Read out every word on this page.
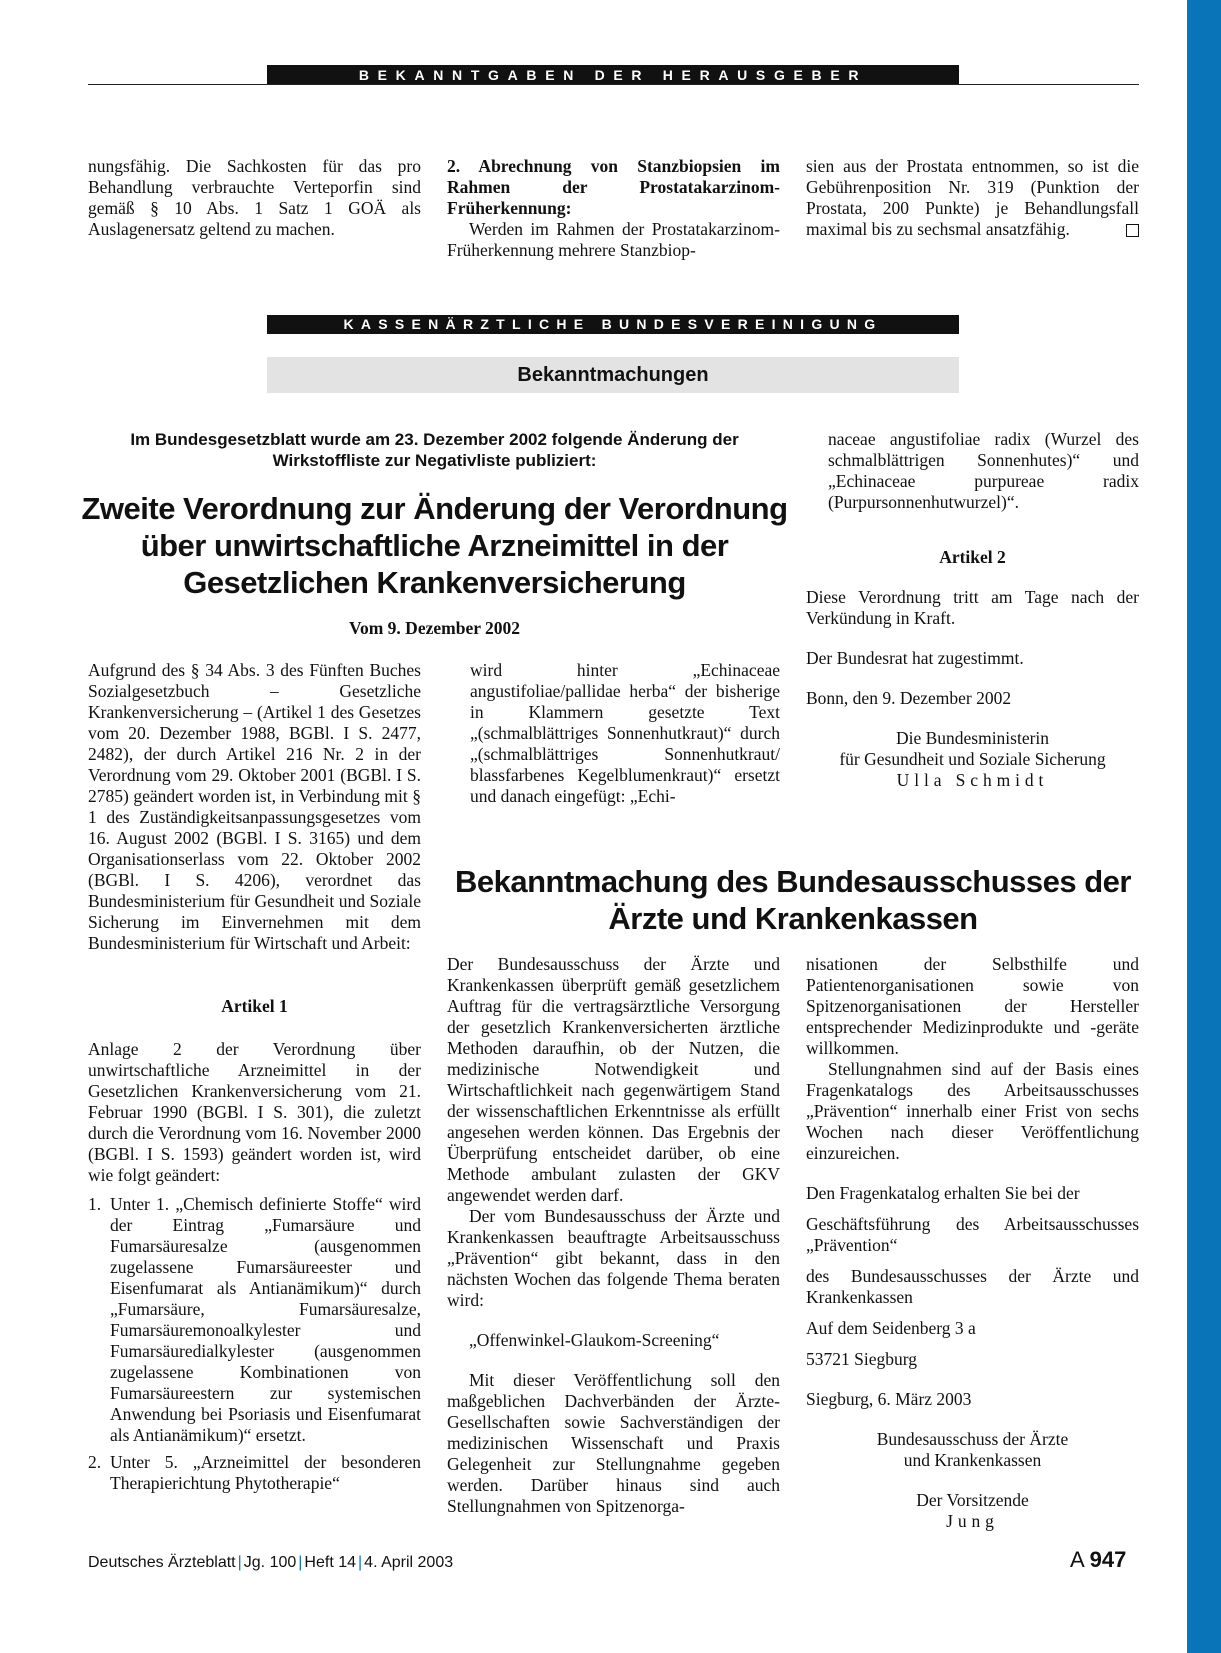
BEKANNTGABEN DER HERAUSGEBER

nungsfähig. Die Sachkosten für das pro Behandlung verbrauchte Verteporfin sind gemäß § 10 Abs. 1 Satz 1 GOÄ als Auslagenersatz geltend zu machen.

2. Abrechnung von Stanzbiopsien im Rahmen der Prostatakarzinom-Früherkennung:

Werden im Rahmen der Prostatakarzinom-Früherkennung mehrere Stanzbiop-

sien aus der Prostata entnommen, so ist die Gebührenposition Nr. 319 (Punktion der Prostata, 200 Punkte) je Behandlungsfall maximal bis zu sechsmal ansatzfähig.

KASSENÄRZTLICHE BUNDESVEREINIGUNG
Bekanntmachungen
Im Bundesgesetzblatt wurde am 23. Dezember 2002 folgende Änderung der Wirkstoffliste zur Negativliste publiziert:
Zweite Verordnung zur Änderung der Verordnung über unwirtschaftliche Arzneimittel in der Gesetzlichen Krankenversicherung
Vom 9. Dezember 2002

Aufgrund des § 34 Abs. 3 des Fünften Buches Sozialgesetzbuch – Gesetzliche Krankenversicherung – (Artikel 1 des Gesetzes vom 20. Dezember 1988, BGBl. I S. 2477, 2482), der durch Artikel 216 Nr. 2 in der Verordnung vom 29. Oktober 2001 (BGBl. I S. 2785) geändert worden ist, in Verbindung mit § 1 des Zuständigkeitsanpassungsgesetzes vom 16. August 2002 (BGBl. I S. 3165) und dem Organisationserlass vom 22. Oktober 2002 (BGBl. I S. 4206), verordnet das Bundesministerium für Gesundheit und Soziale Sicherung im Einvernehmen mit dem Bundesministerium für Wirtschaft und Arbeit:

Artikel 1

Anlage 2 der Verordnung über unwirtschaftliche Arzneimittel in der Gesetzlichen Krankenversicherung vom 21. Februar 1990 (BGBl. I S. 301), die zuletzt durch die Verordnung vom 16. November 2000 (BGBl. I S. 1593) geändert worden ist, wird wie folgt geändert:

1. Unter 1. „Chemisch definierte Stoffe“ wird der Eintrag „Fumarsäure und Fumarsäuresalze (ausgenommen zugelassene Fumarsäureester und Eisenfumarat als Antianämikum)“ durch „Fumarsäure, Fumarsäuresalze, Fumarsäuremonoalkylester und Fumarsäuredialkylester (ausgenommen zugelassene Kombinationen von Fumarsäureestern zur systemischen Anwendung bei Psoriasis und Eisenfumarat als Antianämikum)“ ersetzt.
2. Unter 5. „Arzneimittel der besonderen Therapierichtung Phytotherapie“

wird hinter „Echinaceae angustifoliae/pallidae herba“ der bisherige in Klammern gesetzte Text „(schmalblättriges Sonnenhutkraut)“ durch „(schmalblättriges Sonnenhutkraut/ blassfarbenes Kegelblumenkraut)“ ersetzt und danach eingefügt: „Echi-

naceae angustifoliae radix (Wurzel des schmalblättrigen Sonnenhutes)“ und „Echinaceae purpureae radix (Purpursonnenhutwurzel)“.

Artikel 2

Diese Verordnung tritt am Tage nach der Verkündung in Kraft.

Der Bundesrat hat zugestimmt.

Bonn, den 9. Dezember 2002

Die Bundesministerin

für Gesundheit und Soziale Sicherung

Ulla Schmidt

Bekanntmachung des Bundesausschusses der Ärzte und Krankenkassen

Der Bundesausschuss der Ärzte und Krankenkassen überprüft gemäß gesetzlichem Auftrag für die vertragsärztliche Versorgung der gesetzlich Krankenversicherten ärztliche Methoden daraufhin, ob der Nutzen, die medizinische Notwendigkeit und Wirtschaftlichkeit nach gegenwärtigem Stand der wissenschaftlichen Erkenntnisse als erfüllt angesehen werden können. Das Ergebnis der Überprüfung entscheidet darüber, ob eine Methode ambulant zulasten der GKV angewendet werden darf.

Der vom Bundesausschuss der Ärzte und Krankenkassen beauftragte Arbeitsausschuss „Prävention“ gibt bekannt, dass in den nächsten Wochen das folgende Thema beraten wird:

„Offenwinkel-Glaukom-Screening“

Mit dieser Veröffentlichung soll den maßgeblichen Dachverbänden der Ärzte-Gesellschaften sowie Sachverständigen der medizinischen Wissenschaft und Praxis Gelegenheit zur Stellungnahme gegeben werden. Darüber hinaus sind auch Stellungnahmen von Spitzenorga-

nisationen der Selbsthilfe und Patientenorganisationen sowie von Spitzenorganisationen der Hersteller entsprechender Medizinprodukte und -geräte willkommen.

Stellungnahmen sind auf der Basis eines Fragenkatalogs des Arbeitsausschusses „Prävention“ innerhalb einer Frist von sechs Wochen nach dieser Veröffentlichung einzureichen.

Den Fragenkatalog erhalten Sie bei der

Geschäftsführung des Arbeitsausschusses „Prävention“

des Bundesausschusses der Ärzte und Krankenkassen

Auf dem Seidenberg 3 a

53721 Siegburg

Siegburg, 6. März 2003

Bundesausschuss der Ärzte

und Krankenkassen

Der Vorsitzende

Jung

Deutsches Ärzteblatt | Jg. 100 | Heft 14 | 4. April 2003	A 947
